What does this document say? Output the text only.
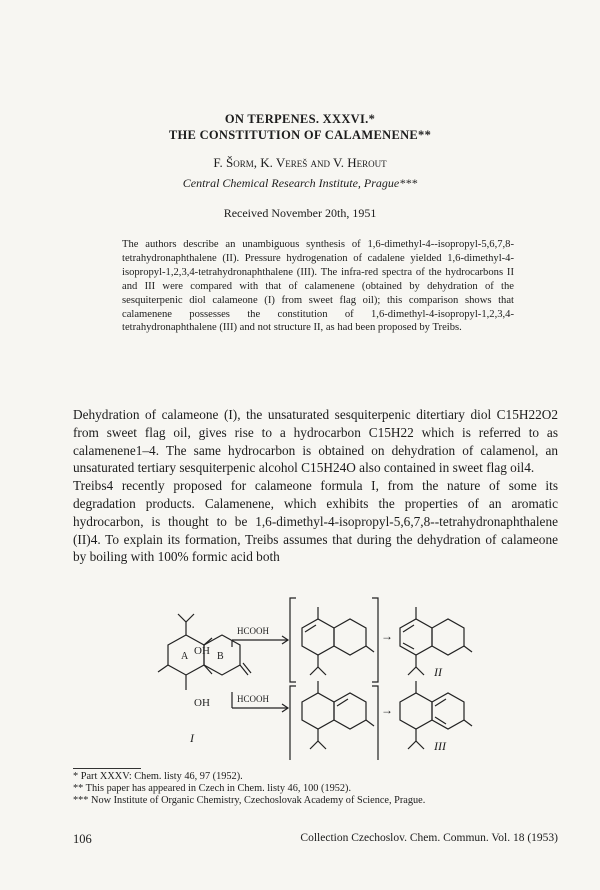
ON TERPENES. XXXVI.*
THE CONSTITUTION OF CALAMENENE**
F. Šorm, K. Vereš and V. Herout
Central Chemical Research Institute, Prague***
Received November 20th, 1951
The authors describe an unambiguous synthesis of 1,6-dimethyl-4--isopropyl-5,6,7,8-tetrahydronaphthalene (II). Pressure hydrogenation of cadalene yielded 1,6-dimethyl-4-isopropyl-1,2,3,4-tetrahydronaphthalene (III). The infra-red spectra of the hydrocarbons II and III were compared with that of calamenene (obtained by dehydration of the sesquiterpenic diol calameone (I) from sweet flag oil); this comparison shows that calamenene possesses the constitution of 1,6-dimethyl-4-isopropyl-1,2,3,4-tetrahydronaphthalene (III) and not structure II, as had been proposed by Treibs.

Dehydration of calameone (I), the unsaturated sesquiterpenic ditertiary diol C15H22O2 from sweet flag oil, gives rise to a hydrocarbon C15H22 which is referred to as calamenene1–4. The same hydrocarbon is obtained on dehydration of calamenol, an unsaturated tertiary sesquiterpenic alcohol C15H24O also contained in sweet flag oil4.

Treibs4 recently proposed for calameone formula I, from the nature of some its degradation products. Calamenene, which exhibits the properties of an aromatic hydrocarbon, is thought to be 1,6-dimethyl-4-isopropyl-5,6,7,8--tetrahydronaphthalene (II)4. To explain its formation, Treibs assumes that during the dehydration of calameone by boiling with 100% formic acid both

HCOOH
HCOOH
OH
OH
A	B
I
II
III
→
→
* Part XXXV: Chem. listy 46, 97 (1952).
** This paper has appeared in Czech in Chem. listy 46, 100 (1952).
*** Now Institute of Organic Chemistry, Czechoslovak Academy of Science, Prague.
106	Collection Czechoslov. Chem. Commun. Vol. 18 (1953)
